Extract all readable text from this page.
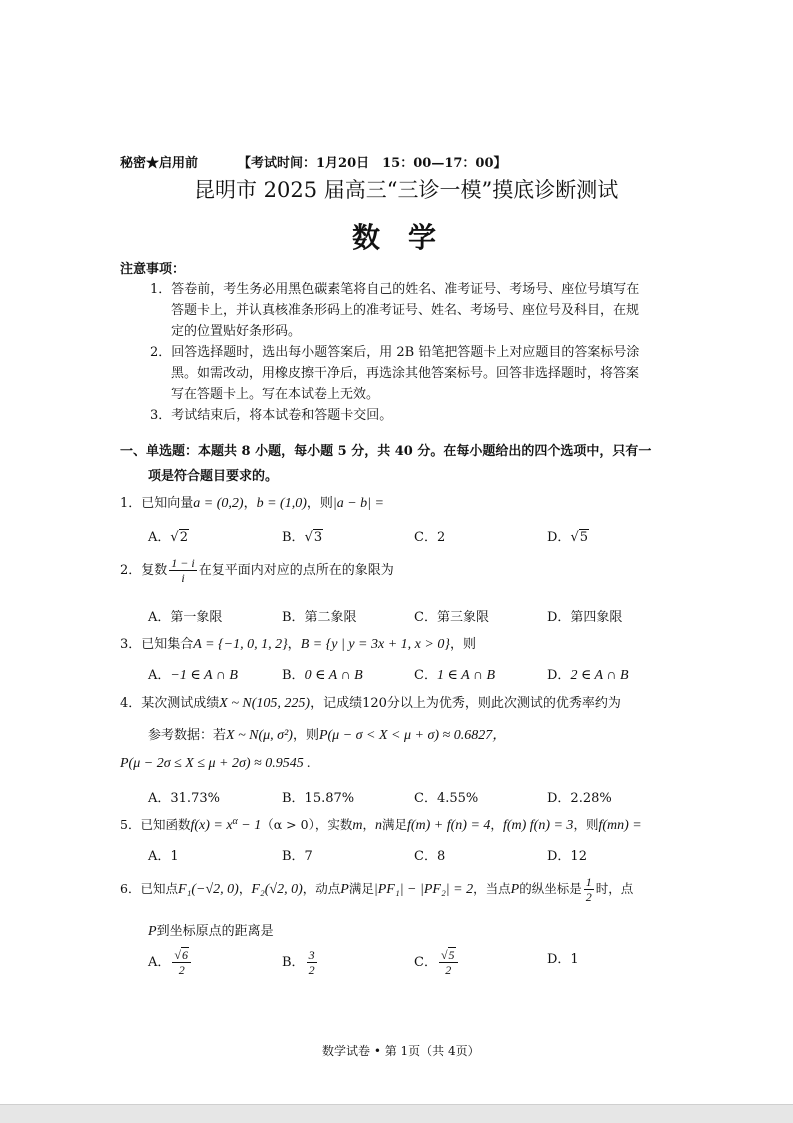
秘密★启用前	【考试时间：1月20日　15：00—17：00】
昆明市 2025 届高三“三诊一模”摸底诊断测试
数　学
注意事项：
1．答卷前，考生务必用黑色碳素笔将自己的姓名、准考证号、考场号、座位号填写在
答题卡上，并认真核准条形码上的准考证号、姓名、考场号、座位号及科目，在规
定的位置贴好条形码。
2．回答选择题时，选出每小题答案后，用 2B 铅笔把答题卡上对应题目的答案标号涂
黑。如需改动，用橡皮擦干净后，再选涂其他答案标号。回答非选择题时，将答案
写在答题卡上。写在本试卷上无效。
3．考试结束后，将本试卷和答题卡交回。
一、单选题：本题共 8 小题，每小题 5 分，共 40 分。在每小题给出的四个选项中，只有一
项是符合题目要求的。
1．已知向量a = (0,2)，b = (1,0)，则|a − b| =
A．√2	B．√3	C．2	D．√5
2．复数 $\frac{1 - i}{i}$ 在复平面内对应的点所在的象限为
A．第一象限	B．第二象限	C．第三象限	D．第四象限
3．已知集合A = {−1, 0, 1, 2}，B = {y | y = 3x + 1, x > 0}，则
A．−1 ∈ A ∩ B	B．0 ∈ A ∩ B	C．1 ∈ A ∩ B	D．2 ∈ A ∩ B
4．某次测试成绩X ~ N(105, 225)，记成绩120分以上为优秀，则此次测试的优秀率约为
参考数据：若X ~ N(μ, σ²)，则P(μ − σ < X < μ + σ) ≈ 0.6827，
P(μ − 2σ ≤ X ≤ μ + 2σ) ≈ 0.9545 .
A．31.73%	B．15.87%	C．4.55%	D．2.28%
5．已知函数$f(x) = x^\alpha - 1(\alpha > 0)$，实数m，n满足f(m) + f(n) = 4，f(m) f(n) = 3，则f(mn) =
A．1	B．7	C．8	D．12
6．已知点F₁(−√2, 0)，F₂(√2, 0)，动点P满足|PF₁| − |PF₂| = 2，当点P的纵坐标是 $\frac{1}{2}$ 时，点
P到坐标原点的距离是
A． $\frac{√6}{2}$	B． $\frac{3}{2}$	C． $\frac{√5}{2}$	D．1
数学试卷 • 第 1页（共 4页）
